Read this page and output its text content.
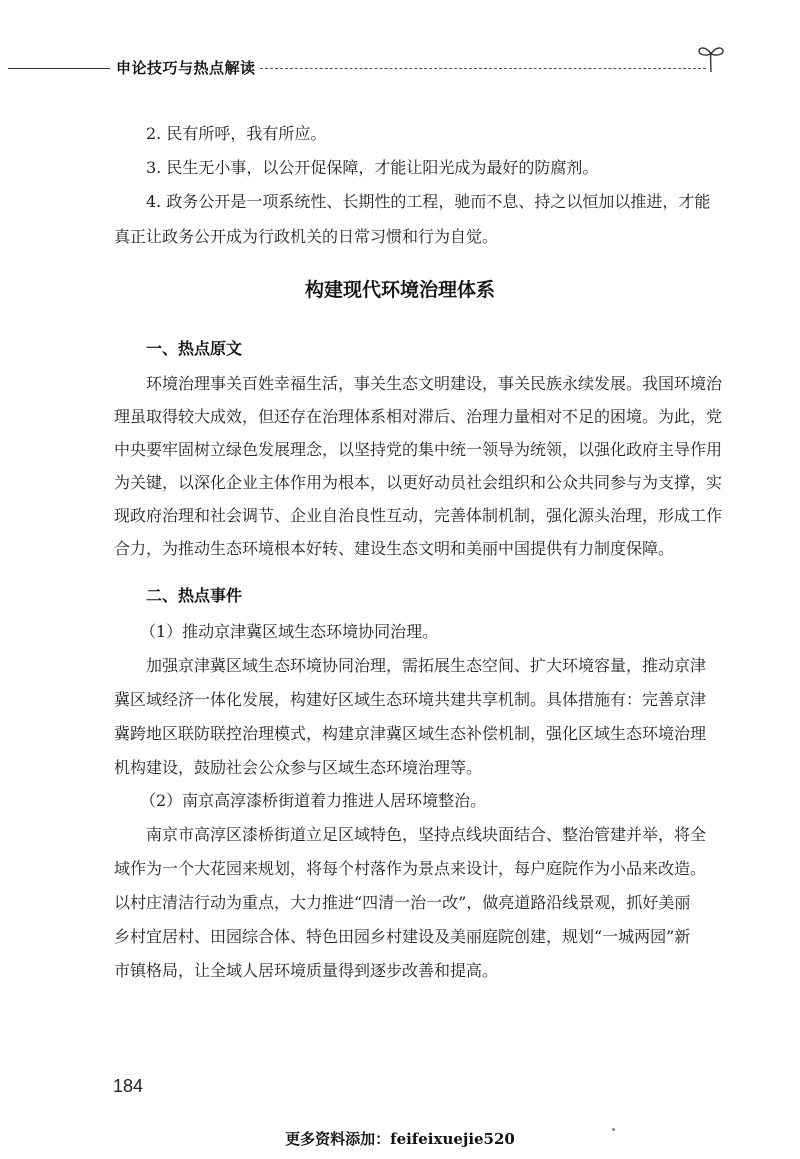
申论技巧与热点解读

2. 民有所呼，我有所应。

3. 民生无小事，以公开促保障，才能让阳光成为最好的防腐剂。

4. 政务公开是一项系统性、长期性的工程，驰而不息、持之以恒加以推进，才能

真正让政务公开成为行政机关的日常习惯和行为自觉。

构建现代环境治理体系
一、热点原文

环境治理事关百姓幸福生活，事关生态文明建设，事关民族永续发展。我国环境治

理虽取得较大成效，但还存在治理体系相对滞后、治理力量相对不足的困境。为此，党

中央要牢固树立绿色发展理念，以坚持党的集中统一领导为统领，以强化政府主导作用

为关键，以深化企业主体作用为根本，以更好动员社会组织和公众共同参与为支撑，实

现政府治理和社会调节、企业自治良性互动，完善体制机制，强化源头治理，形成工作

合力，为推动生态环境根本好转、建设生态文明和美丽中国提供有力制度保障。

二、热点事件

（1）推动京津冀区域生态环境协同治理。

加强京津冀区域生态环境协同治理，需拓展生态空间、扩大环境容量，推动京津

冀区域经济一体化发展，构建好区域生态环境共建共享机制。具体措施有：完善京津

冀跨地区联防联控治理模式，构建京津冀区域生态补偿机制，强化区域生态环境治理

机构建设，鼓励社会公众参与区域生态环境治理等。

（2）南京高淳漆桥街道着力推进人居环境整治。

南京市高淳区漆桥街道立足区域特色，坚持点线块面结合、整治管建并举，将全

域作为一个大花园来规划，将每个村落作为景点来设计，每户庭院作为小品来改造。

以村庄清洁行动为重点，大力推进“四清一治一改”，做亮道路沿线景观，抓好美丽

乡村宜居村、田园综合体、特色田园乡村建设及美丽庭院创建，规划“一城两园”新

市镇格局，让全域人居环境质量得到逐步改善和提高。

184
更多资料添加：feifeixuejie520
